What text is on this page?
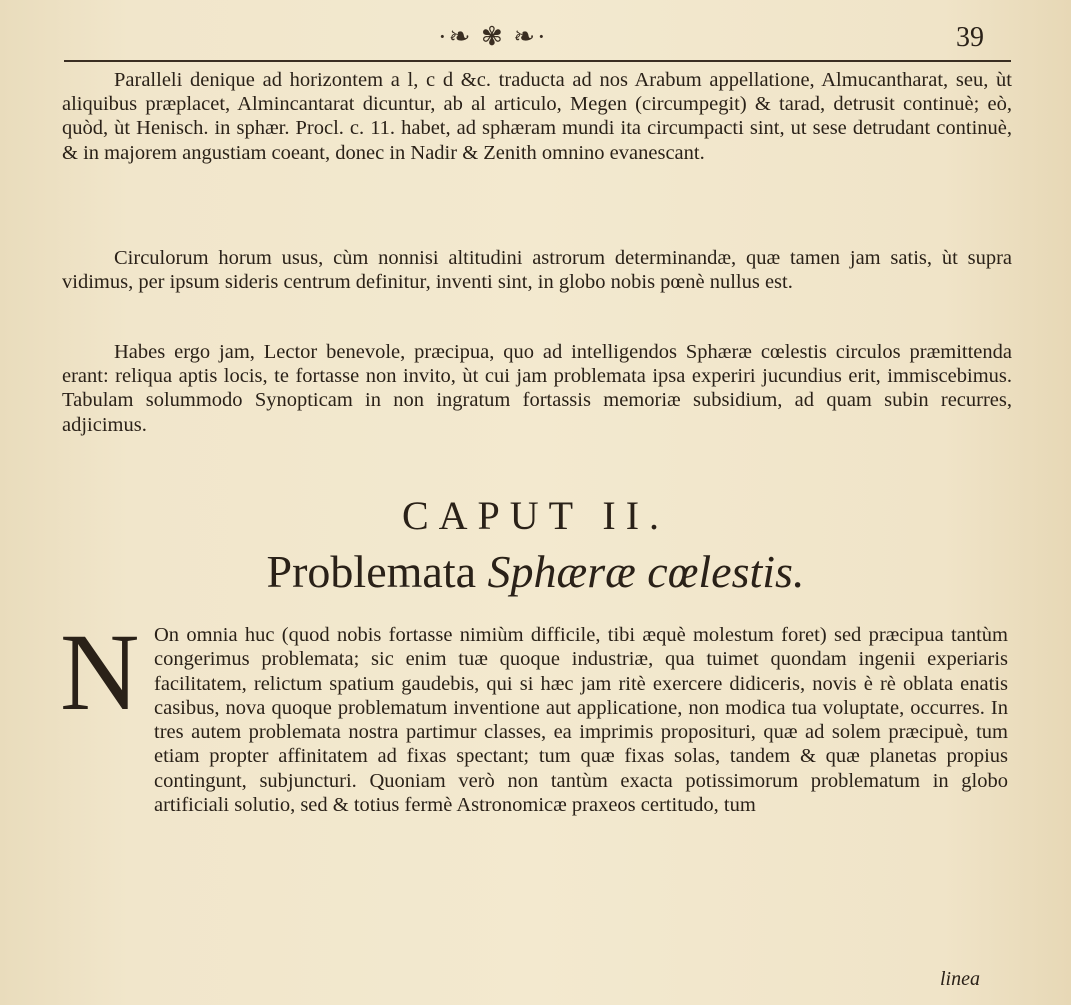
·❧ ✾ ❧·	39

Paralleli denique ad horizontem a l, c d &c. traducta ad nos Arabum appellatione, Almucantharat, seu, ùt aliquibus præplacet, Almincantarat dicuntur, ab al articulo, Megen (circumpegit) & tarad, detrusit continuè; eò, quòd, ùt Henisch. in sphær. Procl. c. 11. habet, ad sphæram mundi ita circumpacti sint, ut sese detrudant continuè, & in majorem angustiam coeant, donec in Nadir & Zenith omnino evanescant.

Circulorum horum usus, cùm nonnisi altitudini astrorum determinandæ, quæ tamen jam satis, ùt supra vidimus, per ipsum sideris centrum definitur, inventi sint, in globo nobis pœnè nullus est.

Habes ergo jam, Lector benevole, præcipua, quo ad intelligendos Sphæræ cœlestis circulos præmittenda erant: reliqua aptis locis, te fortasse non invito, ùt cui jam problemata ipsa experiri jucundius erit, immiscebimus. Tabulam solummodo Synopticam in non ingratum fortassis memoriæ subsidium, ad quam subin recurres, adjicimus.

CAPUT II.
Problemata Sphæræ cœlestis.
N On omnia huc (quod nobis fortasse nimiùm difficile, tibi æquè molestum foret) sed præcipua tantùm congerimus problemata; sic enim tuæ quoque industriæ, qua tuimet quondam ingenii experiaris facilitatem, relictum spatium gaudebis, qui si hæc jam ritè exercere didiceris, novis è rè oblata enatis casibus, nova quoque problematum inventione aut applicatione, non modica tua voluptate, occurres. In tres autem problemata nostra partimur classes, ea imprimis proposituri, quæ ad solem præcipuè, tum etiam propter affinitatem ad fixas spectant; tum quæ fixas solas, tandem & quæ planetas propius contingunt, subjuncturi. Quoniam verò non tantùm exacta potissimorum problematum in globo artificiali solutio, sed & totius fermè Astronomicæ praxeos certitudo, tum
linea
